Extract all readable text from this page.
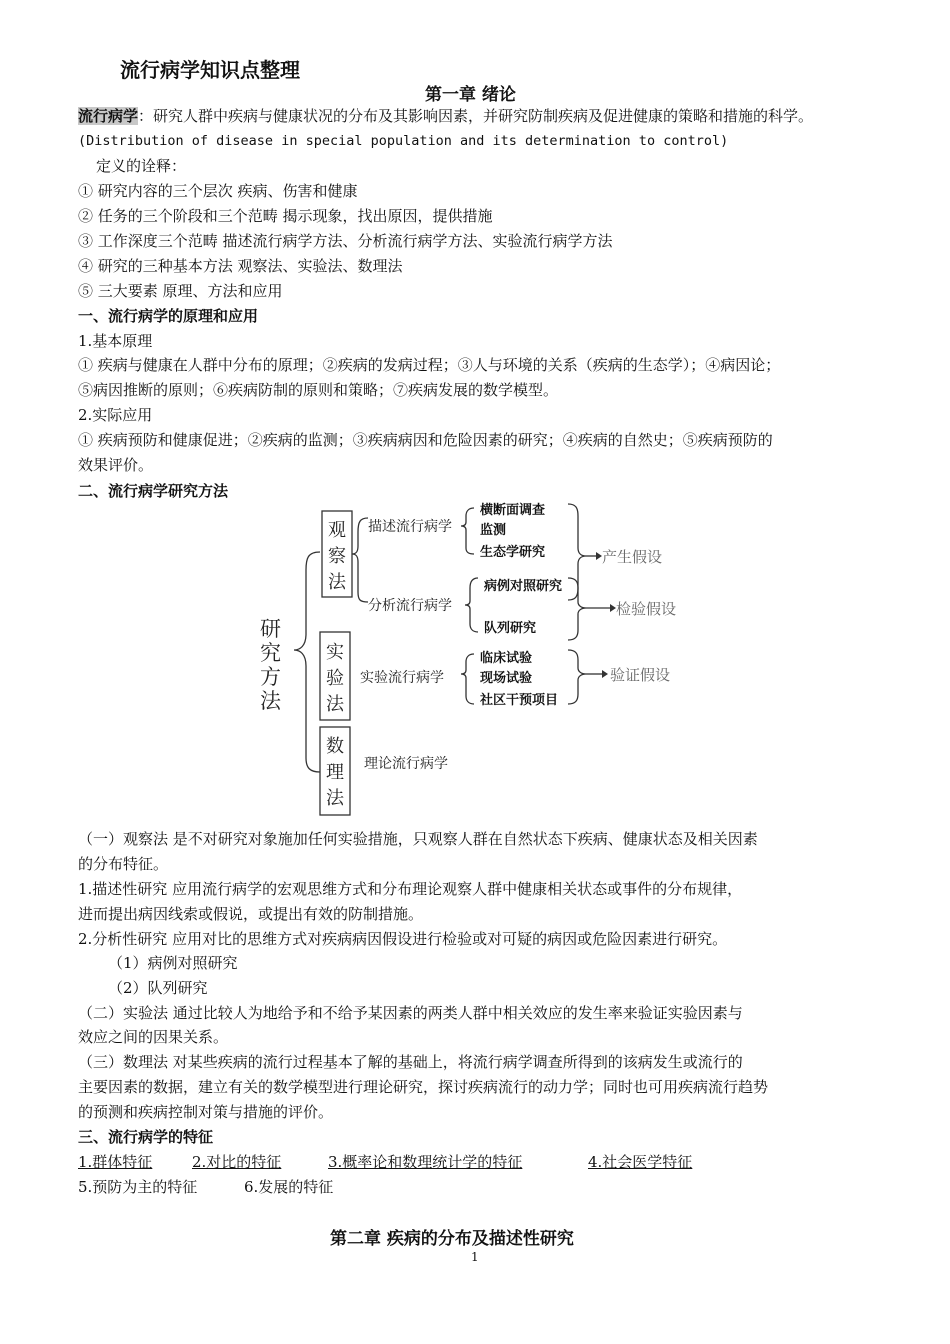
流行病学知识点整理
第一章 绪论
流行病学：研究人群中疾病与健康状况的分布及其影响因素，并研究防制疾病及促进健康的策略和措施的科学。
(Distribution of disease in special population and its determination to control)
定义的诠释：
① 研究内容的三个层次 疾病、伤害和健康
② 任务的三个阶段和三个范畴 揭示现象，找出原因，提供措施
③ 工作深度三个范畴 描述流行病学方法、分析流行病学方法、实验流行病学方法
④ 研究的三种基本方法 观察法、实验法、数理法
⑤ 三大要素 原理、方法和应用
一、流行病学的原理和应用
1.基本原理
① 疾病与健康在人群中分布的原理；②疾病的发病过程；③人与环境的关系（疾病的生态学）；④病因论；
⑤病因推断的原则；⑥疾病防制的原则和策略；⑦疾病发展的数学模型。
2.实际应用
① 疾病预防和健康促进；②疾病的监测；③疾病病因和危险因素的研究；④疾病的自然史；⑤疾病预防的
效果评价。
二、流行病学研究方法
研
究
方
法
观
察
法
实
验
法
数
理
法
描述流行病学
分析流行病学
实验流行病学
理论流行病学
横断面调查
监测
生态学研究
病例对照研究
队列研究
临床试验
现场试验
社区干预项目
产生假设
检验假设
验证假设
（一）观察法 是不对研究对象施加任何实验措施，只观察人群在自然状态下疾病、健康状态及相关因素
的分布特征。
1.描述性研究 应用流行病学的宏观思维方式和分布理论观察人群中健康相关状态或事件的分布规律，
进而提出病因线索或假说，或提出有效的防制措施。
2.分析性研究 应用对比的思维方式对疾病病因假设进行检验或对可疑的病因或危险因素进行研究。
（1）病例对照研究
（2）队列研究
（二）实验法 通过比较人为地给予和不给予某因素的两类人群中相关效应的发生率来验证实验因素与
效应之间的因果关系。
（三）数理法 对某些疾病的流行过程基本了解的基础上，将流行病学调查所得到的该病发生或流行的
主要因素的数据，建立有关的数学模型进行理论研究，探讨疾病流行的动力学；同时也可用疾病流行趋势
的预测和疾病控制对策与措施的评价。
三、流行病学的特征
1.群体特征	2.对比的特征	3.概率论和数理统计学的特征	4.社会医学特征
5.预防为主的特征	6.发展的特征
第二章 疾病的分布及描述性研究
1
